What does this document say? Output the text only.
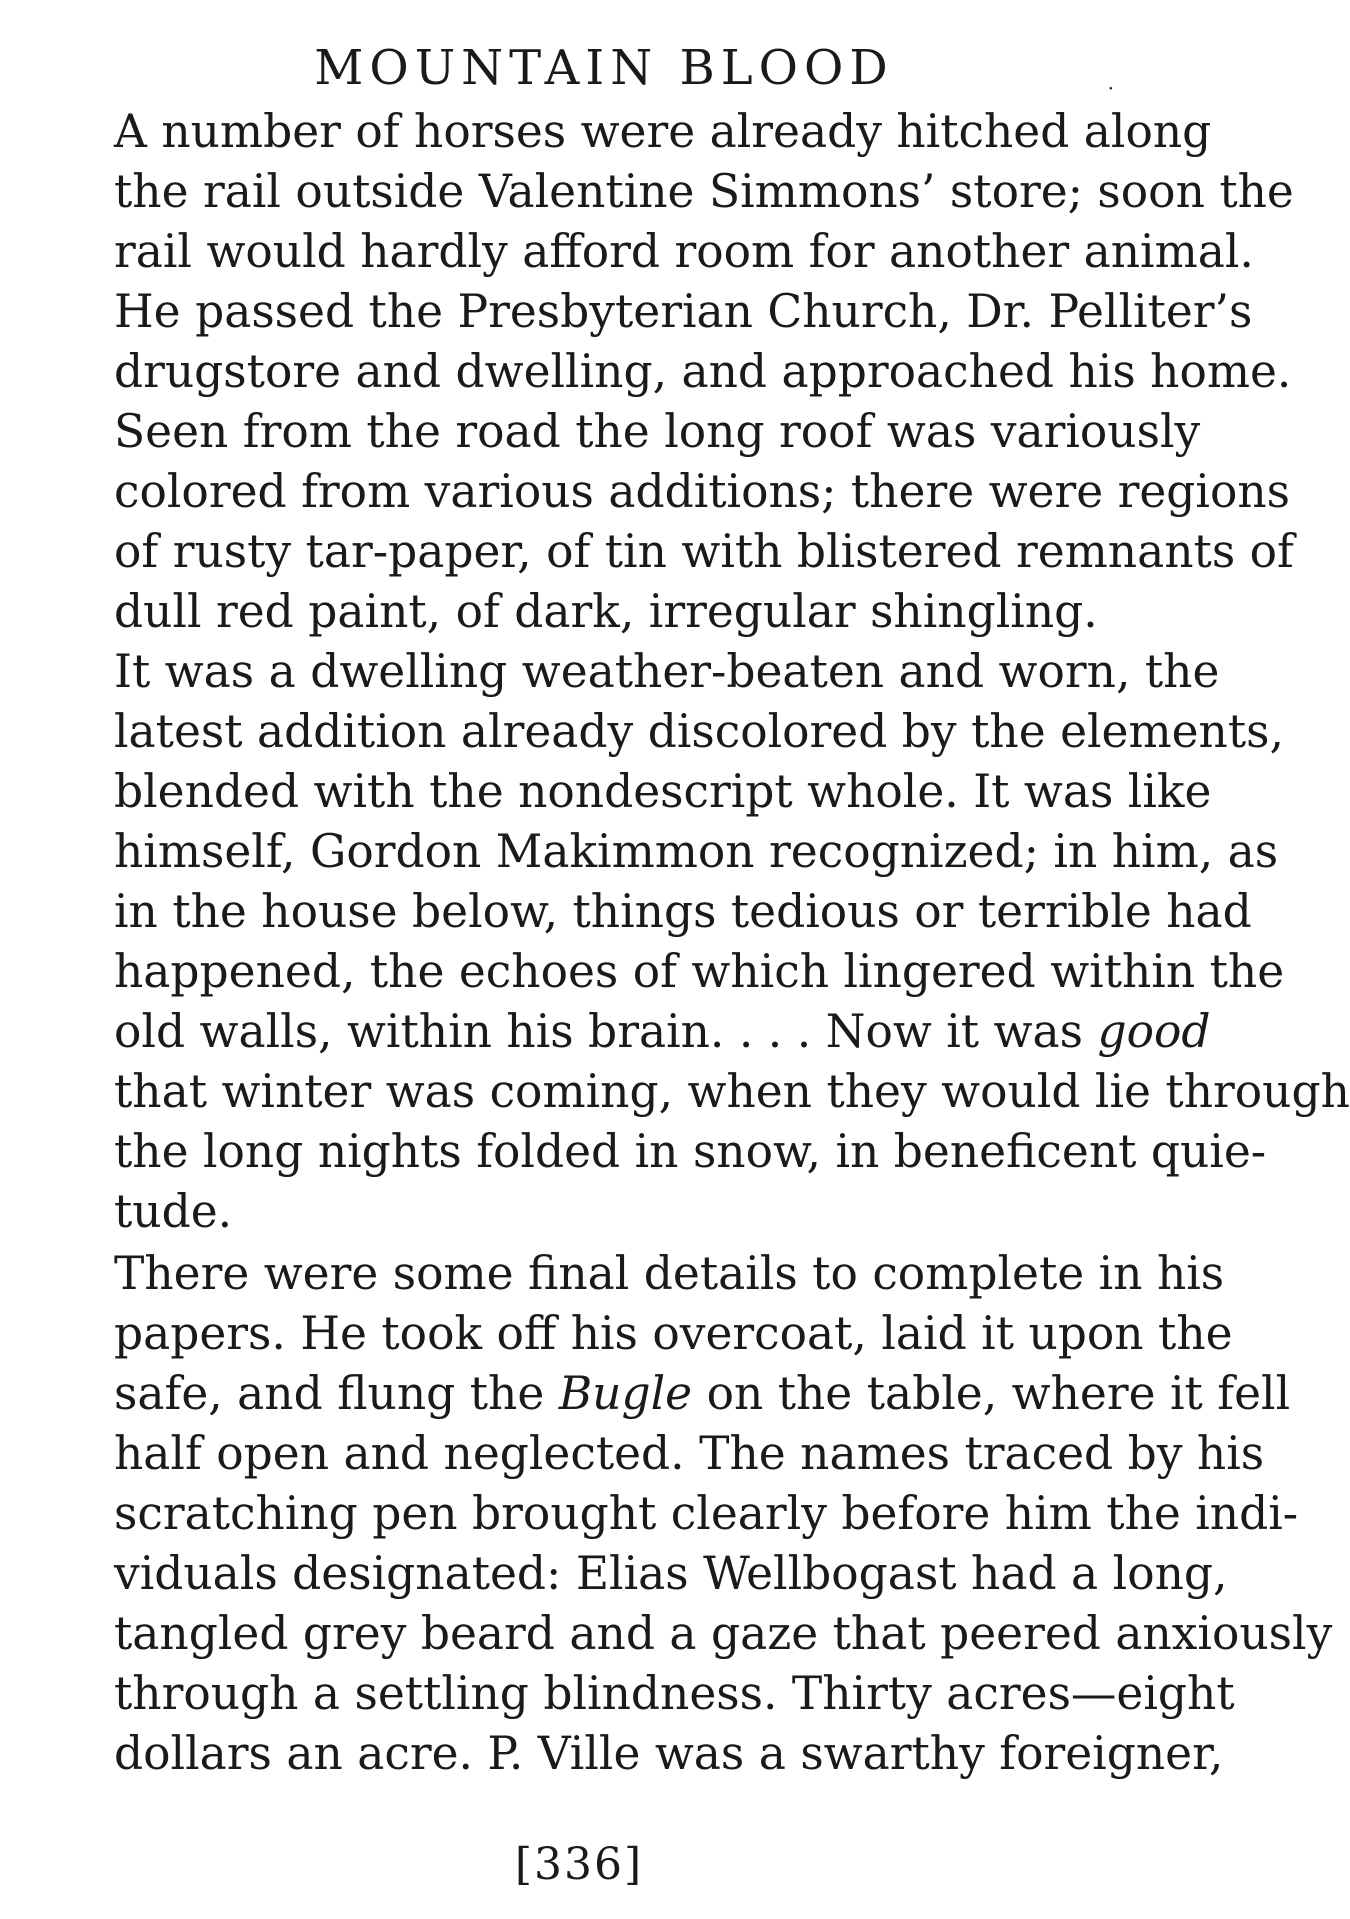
MOUNTAIN BLOOD	·
A number of horses were already hitched along
the rail outside Valentine Simmons’ store; soon the
rail would hardly afford room for another animal.
He passed the Presbyterian Church, Dr. Pelliter’s
drugstore and dwelling, and approached his home.
Seen from the road the long roof was variously
colored from various additions; there were regions
of rusty tar-paper, of tin with blistered remnants of
dull red paint, of dark, irregular shingling.
It was a dwelling weather-beaten and worn, the
latest addition already discolored by the elements,
blended with the nondescript whole. It was like
himself, Gordon Makimmon recognized; in him, as
in the house below, things tedious or terrible had
happened, the echoes of which lingered within the
old walls, within his brain. . . . Now it was good
that winter was coming, when they would lie through
the long nights folded in snow, in beneficent quie-
tude.
There were some final details to complete in his
papers. He took off his overcoat, laid it upon the
safe, and flung the Bugle on the table, where it fell
half open and neglected. The names traced by his
scratching pen brought clearly before him the indi-
viduals designated: Elias Wellbogast had a long,
tangled grey beard and a gaze that peered anxiously
through a settling blindness. Thirty acres—eight
dollars an acre. P. Ville was a swarthy foreigner,
[336]
